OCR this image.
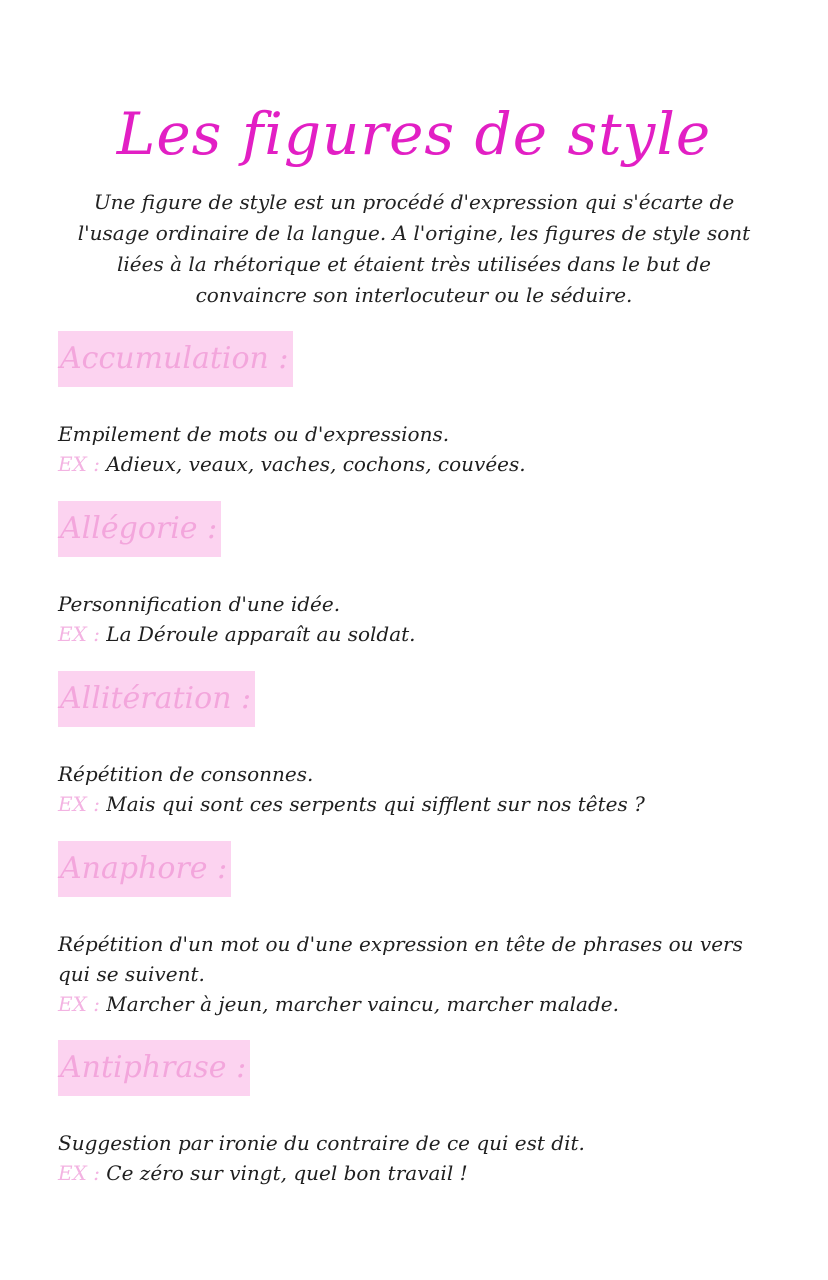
Les figures de style
Une figure de style est un procédé d'expression qui s'écarte de l'usage ordinaire de la langue. A l'origine, les figures de style sont liées à la rhétorique et étaient très utilisées dans le but de convaincre son interlocuteur ou le séduire.
Accumulation :
Empilement de mots ou d'expressions.
EX : Adieux, veaux, vaches, cochons, couvées.
Allégorie :
Personnification d'une idée.
EX : La Déroule apparaît au soldat.
Allitération :
Répétition de consonnes.
EX : Mais qui sont ces serpents qui sifflent sur nos têtes ?
Anaphore :
Répétition d'un mot ou d'une expression en tête de phrases ou vers qui se suivent.
EX : Marcher à jeun, marcher vaincu, marcher malade.
Antiphrase :
Suggestion par ironie du contraire de ce qui est dit.
EX : Ce zéro sur vingt, quel bon travail !
